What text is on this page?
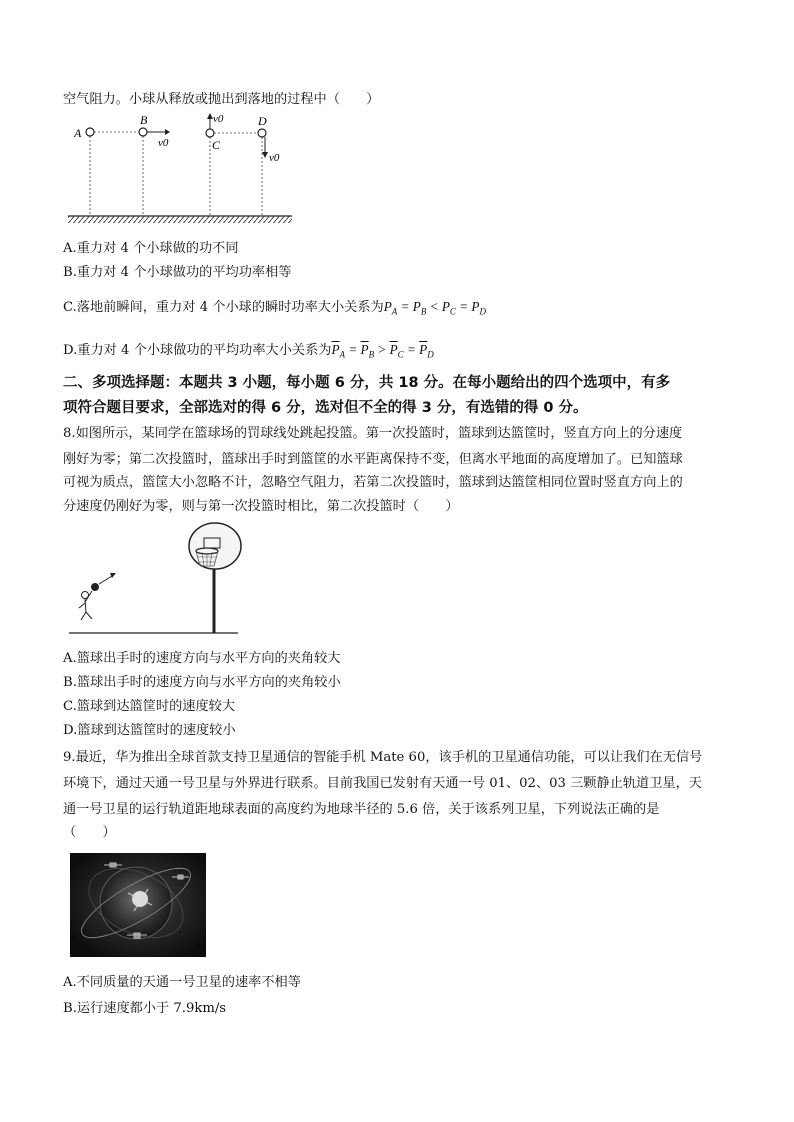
空气阻力。小球从释放或抛出到落地的过程中（　　）
A
B
v0
v0
C
D
v0
A.重力对 4 个小球做的功不同
B.重力对 4 个小球做功的平均功率相等
C.落地前瞬间，重力对 4 个小球的瞬时功率大小关系为$P_A = P_B < P_C = P_D$
D.重力对 4 个小球做功的平均功率大小关系为$\overline{P}_A = \overline{P}_B > \overline{P}_C = \overline{P}_D$
二、多项选择题：本题共 3 小题，每小题 6 分，共 18 分。在每小题给出的四个选项中，有多
项符合题目要求，全部选对的得 6 分，选对但不全的得 3 分，有选错的得 0 分。
8.如图所示，某同学在篮球场的罚球线处跳起投篮。第一次投篮时，篮球到达篮筐时，竖直方向上的分速度
刚好为零；第二次投篮时，篮球出手时到篮筐的水平距离保持不变，但离水平地面的高度增加了。已知篮球
可视为质点，篮筐大小忽略不计，忽略空气阻力，若第二次投篮时，篮球到达篮筐相同位置时竖直方向上的
分速度仍刚好为零，则与第一次投篮时相比，第二次投篮时（　　）
A.篮球出手时的速度方向与水平方向的夹角较大
B.篮球出手时的速度方向与水平方向的夹角较小
C.篮球到达篮筐时的速度较大
D.篮球到达篮筐时的速度较小
9.最近，华为推出全球首款支持卫星通信的智能手机 Mate 60，该手机的卫星通信功能，可以让我们在无信号
环境下，通过天通一号卫星与外界进行联系。目前我国已发射有天通一号 01、02、03 三颗静止轨道卫星，天
通一号卫星的运行轨道距地球表面的高度约为地球半径的 5.6 倍，关于该系列卫星，下列说法正确的是
（　　）
A.不同质量的天通一号卫星的速率不相等
B.运行速度都小于 7.9km/s
